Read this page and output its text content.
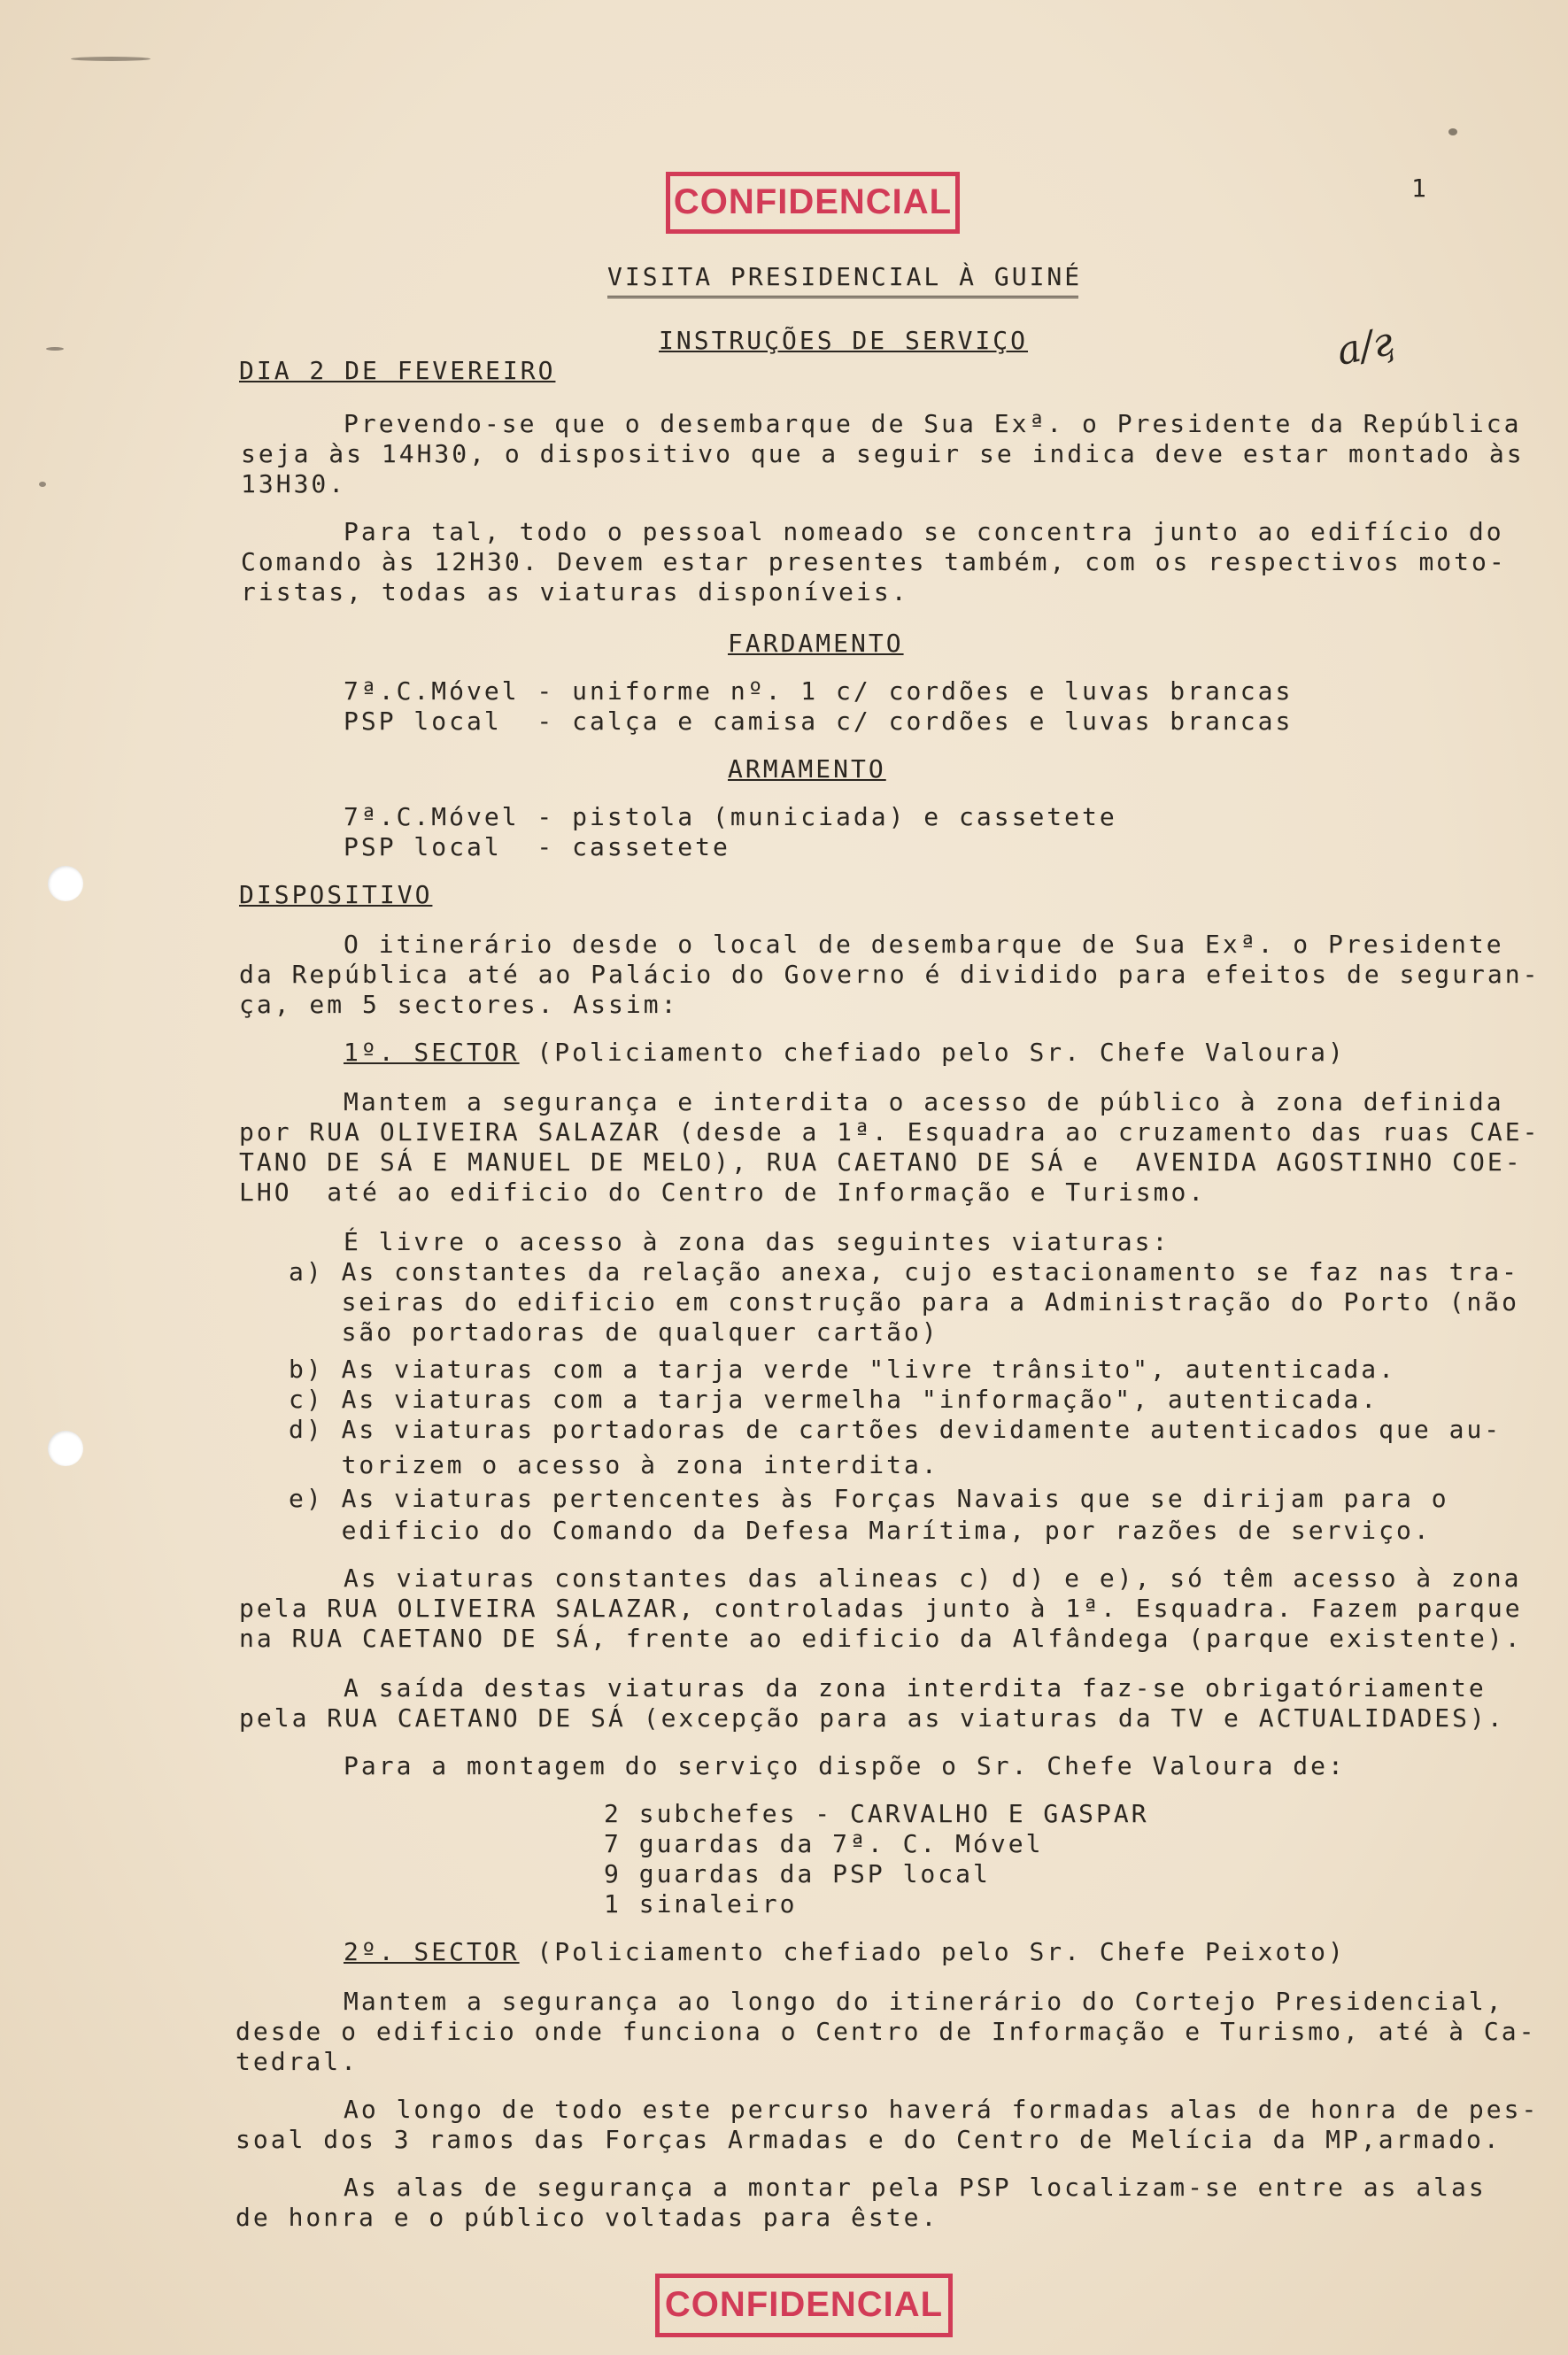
1
CONFIDENCIAL
VISITA PRESIDENCIAL À GUINÉ
INSTRUÇÕES DE SERVIÇO
DIA 2 DE FEVEREIRO	a/ӷ
Prevendo-se que o desembarque de Sua Exª. o Presidente da República
seja às 14H30, o dispositivo que a seguir se indica deve estar montado às
13H30.
Para tal, todo o pessoal nomeado se concentra junto ao edifício do
Comando às 12H30. Devem estar presentes também, com os respectivos moto-
ristas, todas as viaturas disponíveis.
FARDAMENTO
7ª.C.Móvel - uniforme nº. 1 c/ cordões e luvas brancas
PSP local  - calça e camisa c/ cordões e luvas brancas
ARMAMENTO
7ª.C.Móvel - pistola (municiada) e cassetete
PSP local  - cassetete
DISPOSITIVO
O itinerário desde o local de desembarque de Sua Exª. o Presidente
da República até ao Palácio do Governo é dividido para efeitos de seguran-
ça, em 5 sectores. Assim:
1º. SECTOR (Policiamento chefiado pelo Sr. Chefe Valoura)
Mantem a segurança e interdita o acesso de público à zona definida
por RUA OLIVEIRA SALAZAR (desde a 1ª. Esquadra ao cruzamento das ruas CAE-
TANO DE SÁ E MANUEL DE MELO), RUA CAETANO DE SÁ e  AVENIDA AGOSTINHO COE-
LHO  até ao edificio do Centro de Informação e Turismo.
É livre o acesso à zona das seguintes viaturas:
a) As constantes da relação anexa, cujo estacionamento se faz nas tra-
seiras do edificio em construção para a Administração do Porto (não
são portadoras de qualquer cartão)
b) As viaturas com a tarja verde "livre trânsito", autenticada.
c) As viaturas com a tarja vermelha "informação", autenticada.
d) As viaturas portadoras de cartões devidamente autenticados que au-
torizem o acesso à zona interdita.
e) As viaturas pertencentes às Forças Navais que se dirijam para o
edificio do Comando da Defesa Marítima, por razões de serviço.
As viaturas constantes das alineas c) d) e e), só têm acesso à zona
pela RUA OLIVEIRA SALAZAR, controladas junto à 1ª. Esquadra. Fazem parque
na RUA CAETANO DE SÁ, frente ao edificio da Alfândega (parque existente).
A saída destas viaturas da zona interdita faz-se obrigatóriamente
pela RUA CAETANO DE SÁ (excepção para as viaturas da TV e ACTUALIDADES).
Para a montagem do serviço dispõe o Sr. Chefe Valoura de:
2 subchefes - CARVALHO E GASPAR
7 guardas da 7ª. C. Móvel
9 guardas da PSP local
1 sinaleiro
2º. SECTOR (Policiamento chefiado pelo Sr. Chefe Peixoto)
Mantem a segurança ao longo do itinerário do Cortejo Presidencial,
desde o edificio onde funciona o Centro de Informação e Turismo, até à Ca-
tedral.
Ao longo de todo este percurso haverá formadas alas de honra de pes-
soal dos 3 ramos das Forças Armadas e do Centro de Melícia da MP,armado.
As alas de segurança a montar pela PSP localizam-se entre as alas
de honra e o público voltadas para êste.
CONFIDENCIAL
